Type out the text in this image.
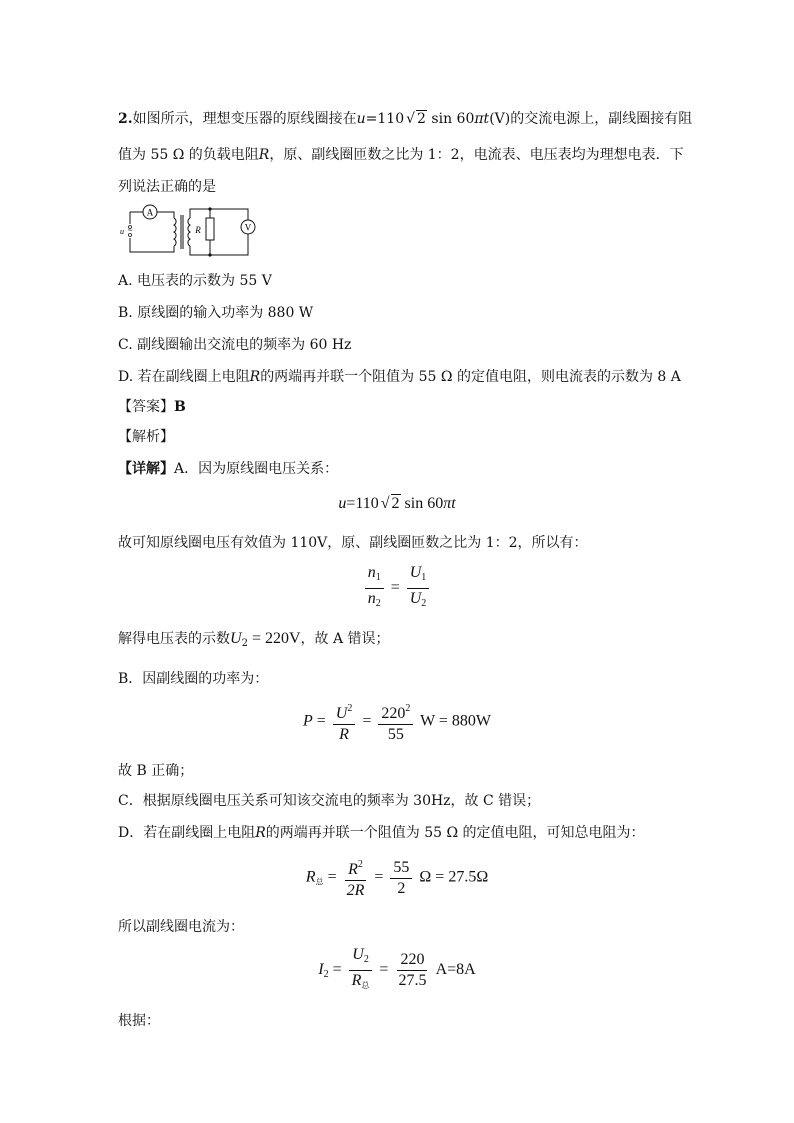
2.如图所示，理想变压器的原线圈接在u=110 √ 2 sin 60πt(V)的交流电源上，副线圈接有阻
值为 55 Ω 的负载电阻R，原、副线圈匝数之比为 1：2，电流表、电压表均为理想电表．下
列说法正确的是
A
V
R
u ~
A. 电压表的示数为 55 V
B. 原线圈的输入功率为 880 W
C. 副线圈输出交流电的频率为 60 Hz
D. 若在副线圈上电阻R的两端再并联一个阻值为 55 Ω 的定值电阻，则电流表的示数为 8 A
【答案】B
【解析】
【详解】A．因为原线圈电压关系：
u=110 √ 2 sin 60πt
故可知原线圈电压有效值为 110V，原、副线圈匝数之比为 1：2，所以有：
$\frac{n_1}{n_2} = \frac{U_1}{U_2}$
解得电压表的示数$U_2 = 220V$，故 A 错误；
B．因副线圈的功率为：
$P = \frac{U^2}{R} = \frac{220^2}{55}$ W = 880W
故 B 正确；
C．根据原线圈电压关系可知该交流电的频率为 30Hz，故 C 错误；
D．若在副线圈上电阻R的两端再并联一个阻值为 55 Ω 的定值电阻，可知总电阻为：
$R_总 = \frac{R^2}{2R} = \frac{55}{2}$ Ω = 27.5Ω
所以副线圈电流为：
$I_2 = \frac{U_2}{R_总} = \frac{220}{27.5} A=8A$
根据：
